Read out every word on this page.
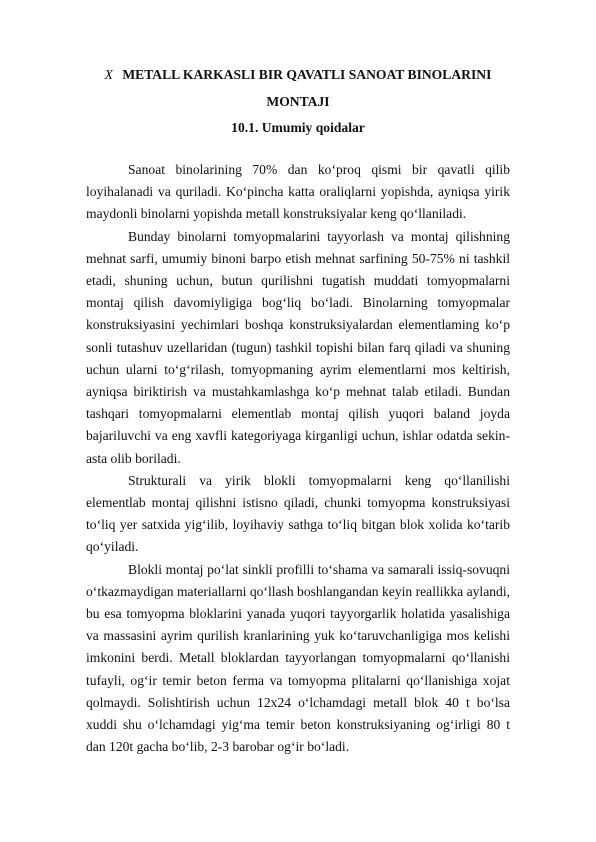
X METALL KARKASLI BIR QAVATLI SANOAT BINOLARINI
MONTAJI
10.1. Umumiy qoidalar

Sanoat binolarining 70% dan ko‘proq qismi bir qavatli qilib loyihalanadi va quriladi. Ko‘pincha katta oraliqlarni yopishda, ayniqsa yirik maydonli binolarni yopishda metall konstruksiyalar keng qo‘llaniladi.

Bunday binolarni tomyopmalarini tayyorlash va montaj qilishning mehnat sarfi, umumiy binoni barpo etish mehnat sarfining 50-75% ni tashkil etadi, shuning uchun, butun qurilishni tugatish muddati tomyopmalarni montaj qilish davomiyligiga bog‘liq bo‘ladi. Binolarning tomyopmalar konstruksiyasini yechimlari boshqa konstruksiyalardan elementlaming ko‘p sonli tutashuv uzellaridan (tugun) tashkil topishi bilan farq qiladi va shuning uchun ularni to‘g‘rilash, tomyopmaning ayrim elementlarni mos keltirish, ayniqsa biriktirish va mustahkamlashga ko‘p mehnat talab etiladi. Bundan tashqari tomyopmalarni elementlab montaj qilish yuqori baland joyda bajariluvchi va eng xavfli kategoriyaga kirganligi uchun, ishlar odatda sekin-asta olib boriladi.

Strukturali va yirik blokli tomyopmalarni keng qo‘llanilishi elementlab montaj qilishni istisno qiladi, chunki tomyopma konstruksiyasi to‘liq yer satxida yig‘ilib, loyihaviy sathga to‘liq bitgan blok xolida ko‘tarib qo‘yiladi.

Blokli montaj po‘lat sinkli profilli to‘shama va samarali issiq-sovuqni o‘tkazmaydigan materiallarni qo‘llash boshlangandan keyin reallikka aylandi, bu esa tomyopma bloklarini yanada yuqori tayyorgarlik holatida yasalishiga va massasini ayrim qurilish kranlarining yuk ko‘taruvchanligiga mos kelishi imkonini berdi. Metall bloklardan tayyorlangan tomyopmalarni qo‘llanishi tufayli, og‘ir temir beton ferma va tomyopma plitalarni qo‘llanishiga xojat qolmaydi. Solishtirish uchun 12x24 o‘lchamdagi metall blok 40 t bo‘lsa xuddi shu o‘lchamdagi yig‘ma temir beton konstruksiyaning og‘irligi 80 t dan 120t gacha bo‘lib, 2-3 barobar og‘ir bo‘ladi.
